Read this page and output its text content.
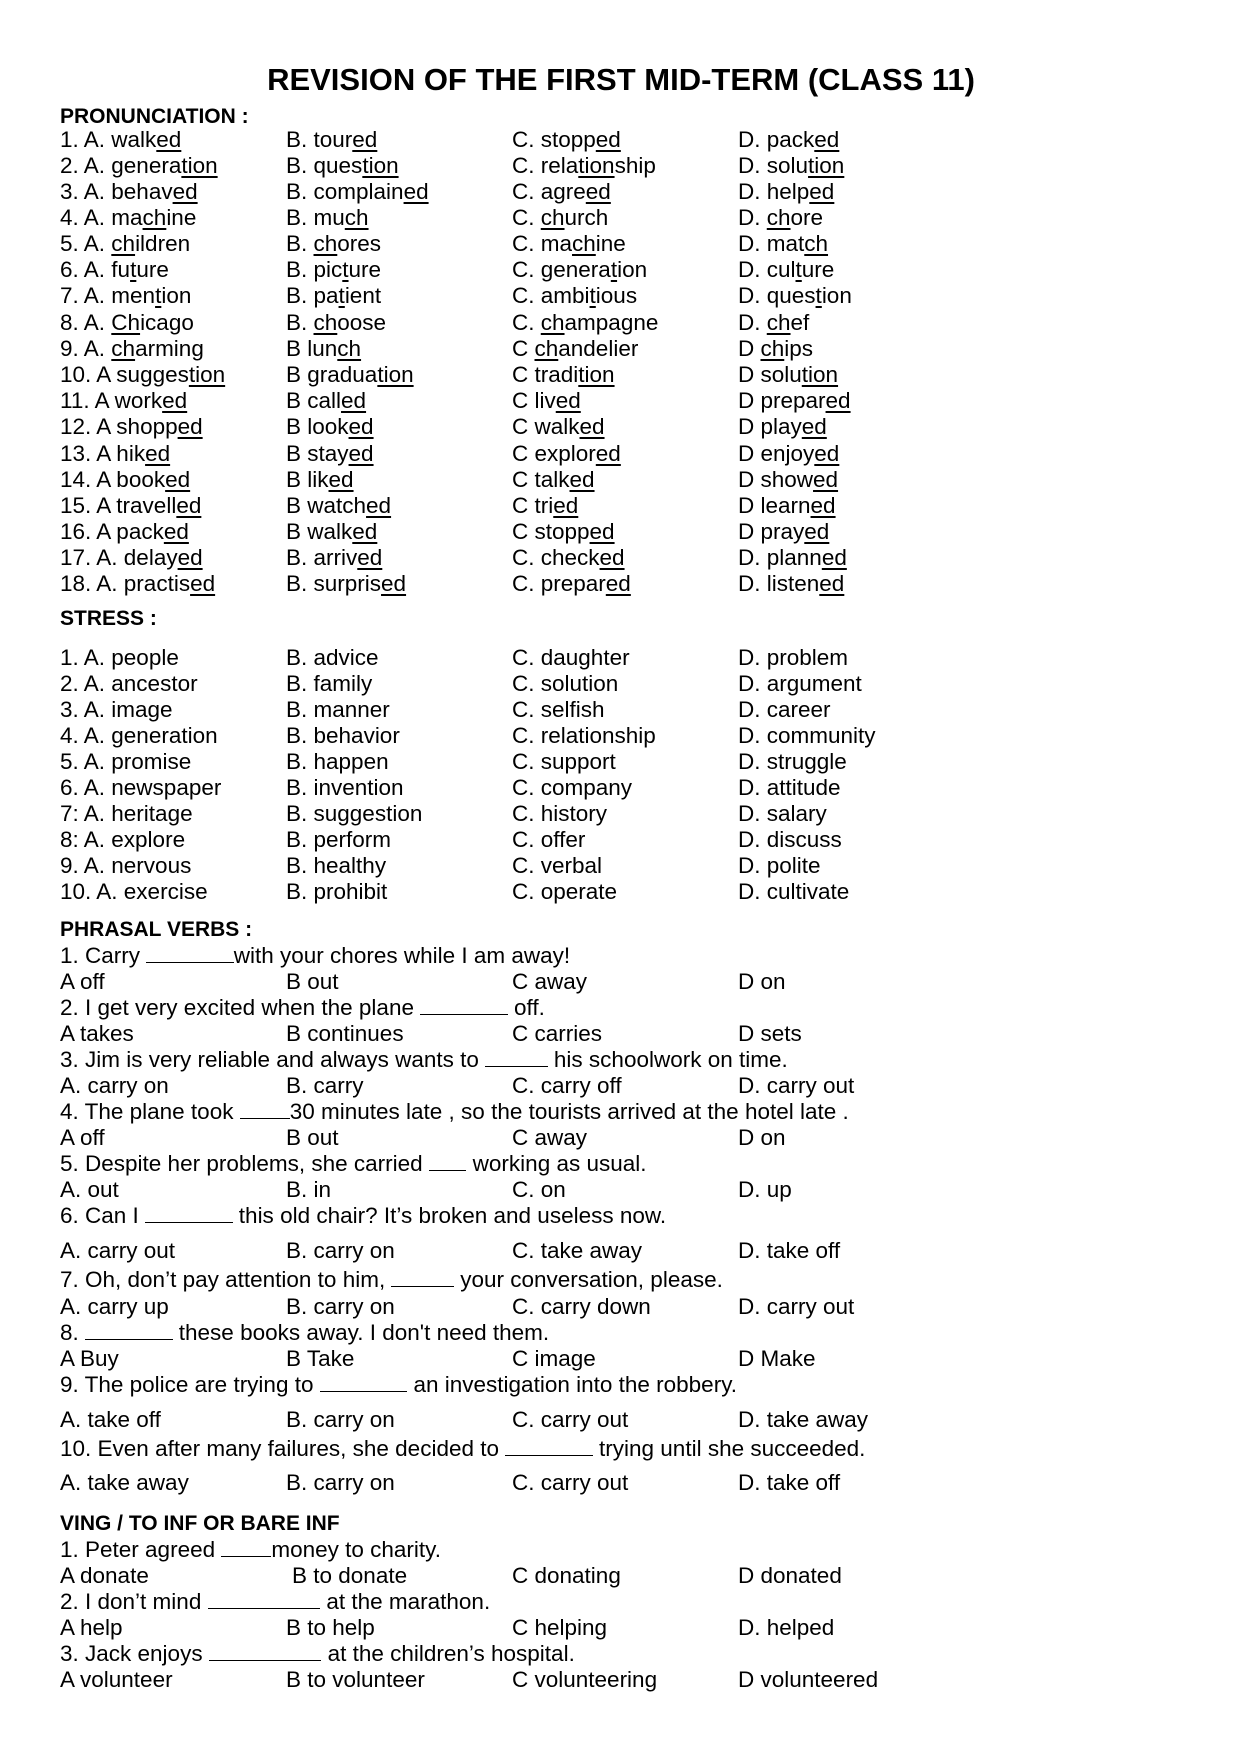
REVISION OF THE FIRST MID-TERM (CLASS 11)
PRONUNCIATION :
1. A. walked	B. toured	C. stopped	D. packed
2. A. generation	B. question	C. relationship	D. solution
3. A. behaved	B. complained	C. agreed	D. helped
4. A. machine	B. much	C. church	D. chore
5. A. children	B. chores	C. machine	D. match
6. A. future	B. picture	C. generation	D. culture
7. A. mention	B. patient	C. ambitious	D. question
8. A. Chicago	B. choose	C. champagne	D. chef
9. A. charming	B lunch	C chandelier	D chips
10. A suggestion	B graduation	C tradition	D solution
11. A worked	B called	C lived	D prepared
12. A shopped	B looked	C walked	D played
13. A hiked	B stayed	C explored	D enjoyed
14. A booked	B liked	C talked	D showed
15. A travelled	B watched	C tried	D learned
16. A packed	B walked	C stopped	D prayed
17. A. delayed	B. arrived	C. checked	D. planned
18. A. practised	B. surprised	C. prepared	D. listened
STRESS :
1. A. people	B. advice	C. daughter	D. problem
2. A. ancestor	B. family	C. solution	D. argument
3. A. image	B. manner	C. selfish	D. career
4. A. generation	B. behavior	C. relationship	D. community
5. A. promise	B. happen	C. support	D. struggle
6. A. newspaper	B. invention	C. company	D. attitude
7: A. heritage	B. suggestion	C. history	D. salary
8: A. explore	B. perform	C. offer	D. discuss
9. A. nervous	B. healthy	C. verbal	D. polite
10. A. exercise	B. prohibit	C. operate	D. cultivate
PHRASAL VERBS :
1. Carry	with your chores while I am away!
A off	B out	C away	D on
2. I get very excited when the plane	off.
A takes	B continues	C carries	D sets
3. Jim is very reliable and always wants to	his schoolwork on time.
A. carry on	B. carry	C. carry off	D. carry out
4. The plane took 30 minutes late , so the tourists arrived at the hotel late .
A off	B out	C away	D on
5. Despite her problems, she carried  working as usual.
A. out	B. in	C. on	D. up
6. Can I	this old chair? It’s broken and useless now.
A. carry out	B. carry on	C. take away	D. take off
7. Oh, don’t pay attention to him,	your conversation, please.
A. carry up	B. carry on	C. carry down	D. carry out
8.	these books away. I don't need them.
A Buy	B Take	C image	D Make
9. The police are trying to	an investigation into the robbery.
A. take off	B. carry on	C. carry out	D. take away
10. Even after many failures, she decided to	trying until she succeeded.
A. take away	B. carry on	C. carry out	D. take off
VING / TO INF OR BARE INF
1. Peter agreed money to charity.
A donate	B to donate	C donating	D donated
2. I don’t mind	at the marathon.
A help	B to help	C helping	D. helped
3. Jack enjoys	at the children’s hospital.
A volunteer	B to volunteer	C volunteering	D volunteered
